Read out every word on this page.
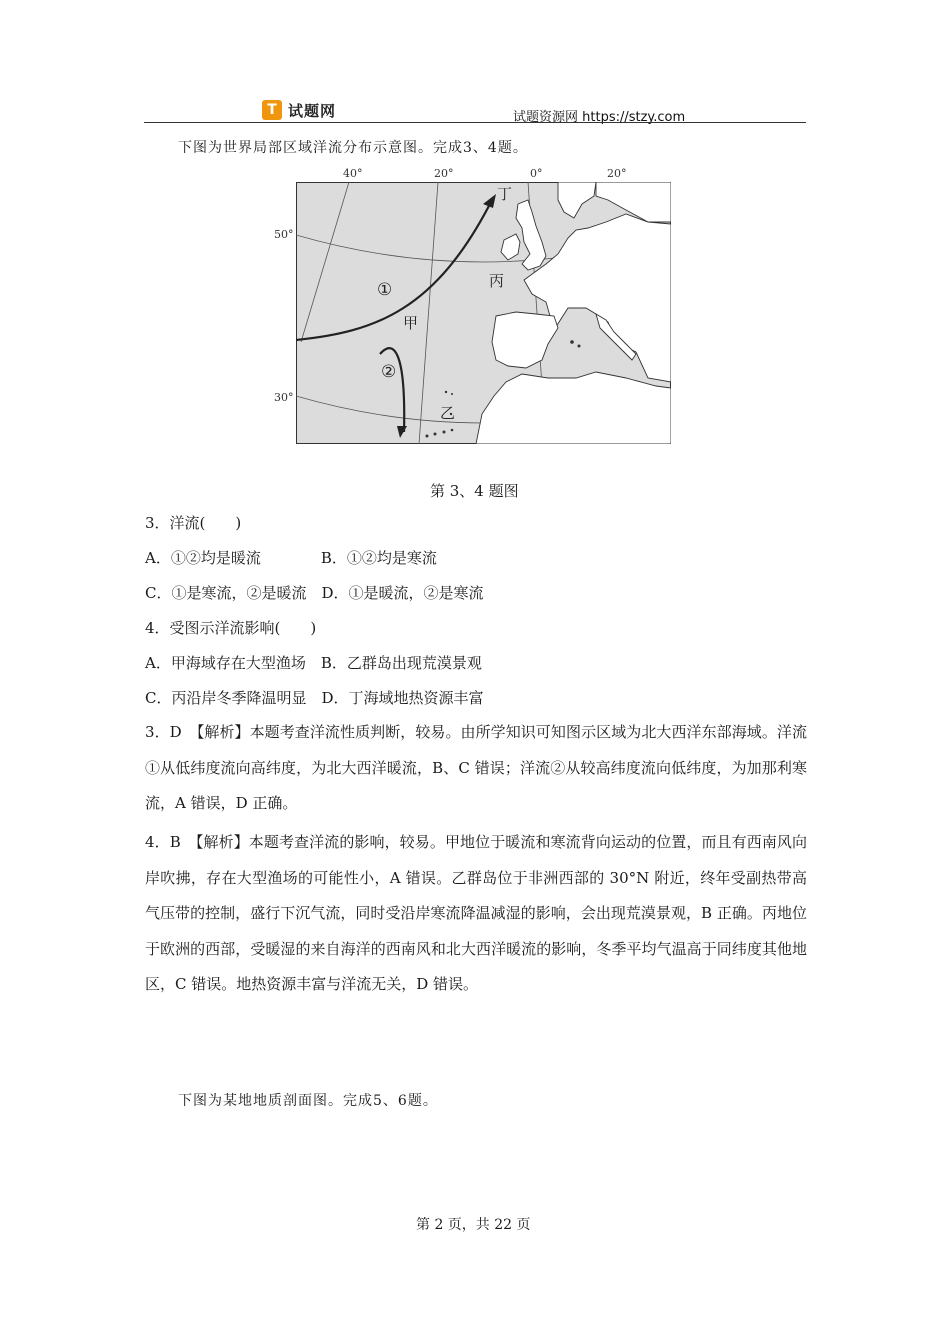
T 试题网	试题资源网 https://stzy.com
下图为世界局部区域洋流分布示意图。完成3、4题。
40°	20°	0°	20°
50°
30°
①
②
甲
乙
丙
丁
第 3、4 题图
3．洋流(　　)
A．①②均是暖流　　　　B．①②均是寒流
C．①是寒流，②是暖流　D．①是暖流，②是寒流
4．受图示洋流影响(　　)
A．甲海域存在大型渔场　B．乙群岛出现荒漠景观
C．丙沿岸冬季降温明显　D．丁海域地热资源丰富
3．D　【解析】本题考查洋流性质判断，较易。由所学知识可知图示区域为北大西洋东部海域。洋流①从低纬度流向高纬度，为北大西洋暖流，B、C 错误；洋流②从较高纬度流向低纬度，为加那利寒流，A 错误，D 正确。
4．B　【解析】本题考查洋流的影响，较易。甲地位于暖流和寒流背向运动的位置，而且有西南风向岸吹拂，存在大型渔场的可能性小，A 错误。乙群岛位于非洲西部的 30°N 附近，终年受副热带高气压带的控制，盛行下沉气流，同时受沿岸寒流降温减湿的影响，会出现荒漠景观，B 正确。丙地位于欧洲的西部，受暖湿的来自海洋的西南风和北大西洋暖流的影响，冬季平均气温高于同纬度其他地区，C 错误。地热资源丰富与洋流无关，D 错误。
下图为某地地质剖面图。完成5、6题。
第 2 页，共 22 页
